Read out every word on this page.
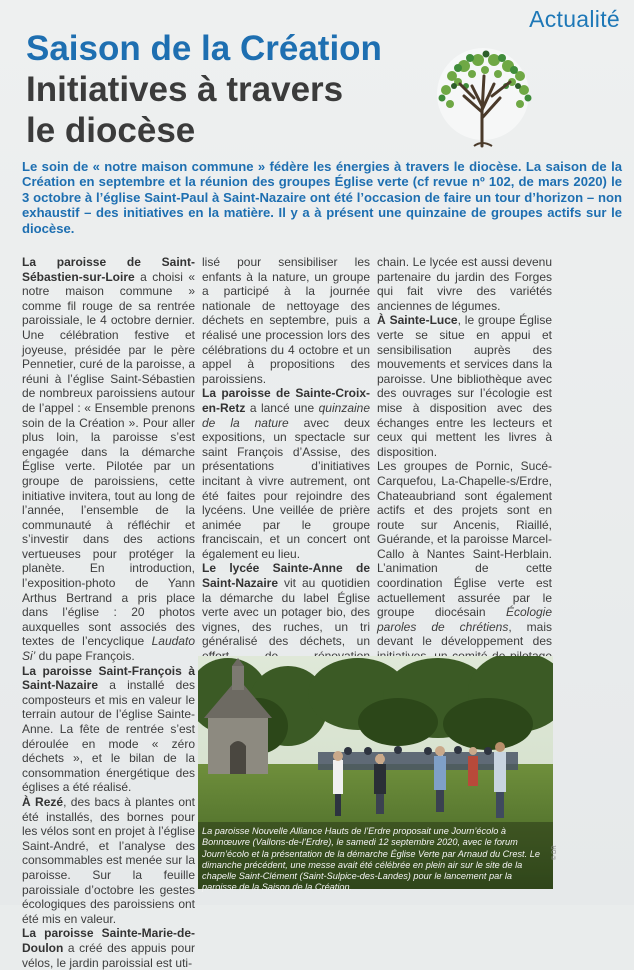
Actualité
Saison de la Création
Initiatives à travers
le diocèse
Le soin de « notre maison commune » fédère les énergies à travers le diocèse. La saison de la Création en septembre et la réunion des groupes Église verte (cf revue nº 102, de mars 2020) le 3 octobre à l’église Saint-Paul à Saint-Nazaire ont été l’occasion de faire un tour d’horizon – non exhaustif – des initiatives en la matière. Il y a à présent une quinzaine de groupes actifs sur le diocèse.

La paroisse de Saint-Sébastien-sur-Loire a choisi « notre maison commune » comme fil rouge de sa rentrée paroissiale, le 4 octobre dernier. Une célébration festive et joyeuse, présidée par le père Pennetier, curé de la paroisse, a réuni à l’église Saint-Sébastien de nombreux paroissiens autour de l’appel : « Ensemble prenons soin de la Création ». Pour aller plus loin, la paroisse s’est engagée dans la démarche Église verte. Pilotée par un groupe de paroissiens, cette initiative invitera, tout au long de l’année, l’ensemble de la communauté à réfléchir et s’investir dans des actions vertueuses pour protéger la planète. En introduction, l’exposition-photo de Yann Arthus Bertrand a pris place dans l’église : 20 photos auxquelles sont associés des textes de l’encyclique Laudato Si’ du pape François.

La paroisse Saint-François à Saint-Nazaire a installé des composteurs et mis en valeur le terrain autour de l’église Sainte-Anne. La fête de rentrée s’est déroulée en mode « zéro déchets », et le bilan de la consommation énergétique des églises a été réalisé.

À Rezé, des bacs à plantes ont été installés, des bornes pour les vélos sont en projet à l’église Saint-André, et l’analyse des consommables est menée sur la paroisse. Sur la feuille paroissiale d’octobre les gestes écologiques des paroissiens ont été mis en valeur.

La paroisse Sainte-Marie-de-Doulon a créé des appuis pour vélos, le jardin paroissial est uti-

lisé pour sensibiliser les enfants à la nature, un groupe a participé à la journée nationale de nettoyage des déchets en septembre, puis a réalisé une procession lors des célébrations du 4 octobre et un appel à propositions des paroissiens.

La paroisse de Sainte-Croix-en-Retz a lancé une quinzaine de la nature avec deux expositions, un spectacle sur saint François d’Assise, des présentations d’initiatives incitant à vivre autrement, ont été faites pour rejoindre des lycéens. Une veillée de prière animée par le groupe franciscain, et un concert ont également eu lieu.

Le lycée Sainte-Anne de Saint-Nazaire vit au quotidien la démarche du label Église verte avec un potager bio, des vignes, des ruches, un tri généralisé des déchets, un

chain. Le lycée est aussi devenu partenaire du jardin des Forges qui fait vivre des variétés anciennes de légumes.

À Sainte-Luce, le groupe Église verte se situe en appui et sensibilisation auprès des mouvements et services dans la paroisse. Une bibliothèque avec des ouvrages sur l’écologie est mise à disposition avec des échanges entre les lecteurs et ceux qui mettent les livres à disposition.

Les groupes de Pornic, Sucé-Carquefou, La-Chapelle-s/Erdre, Chateaubriand sont également actifs et des projets sont en route sur Ancenis, Riaillé, Guérande, et la paroisse Marcel-Callo à Nantes Saint-Herblain. L’animation de cette coordination Église verte est actuellement assurée par le groupe diocésain Écologie paroles de chrétiens, mais devant le développement des

La paroisse Nouvelle Alliance Hauts de l’Erdre proposait une Journ’écolo à Bonnœuvre (Vallons-de-l’Erdre), le samedi 12 septembre 2020, avec le forum Journ’écolo et la présentation de la démarche Église Verte par Arnaud du Crest. Le dimanche précédent, une messe avait été célébrée en plein air sur le site de la chapelle Saint-Clément (Saint-Sulpice-des-Landes) pour le lancement par la paroisse de la Saison de la Création.
© DR
